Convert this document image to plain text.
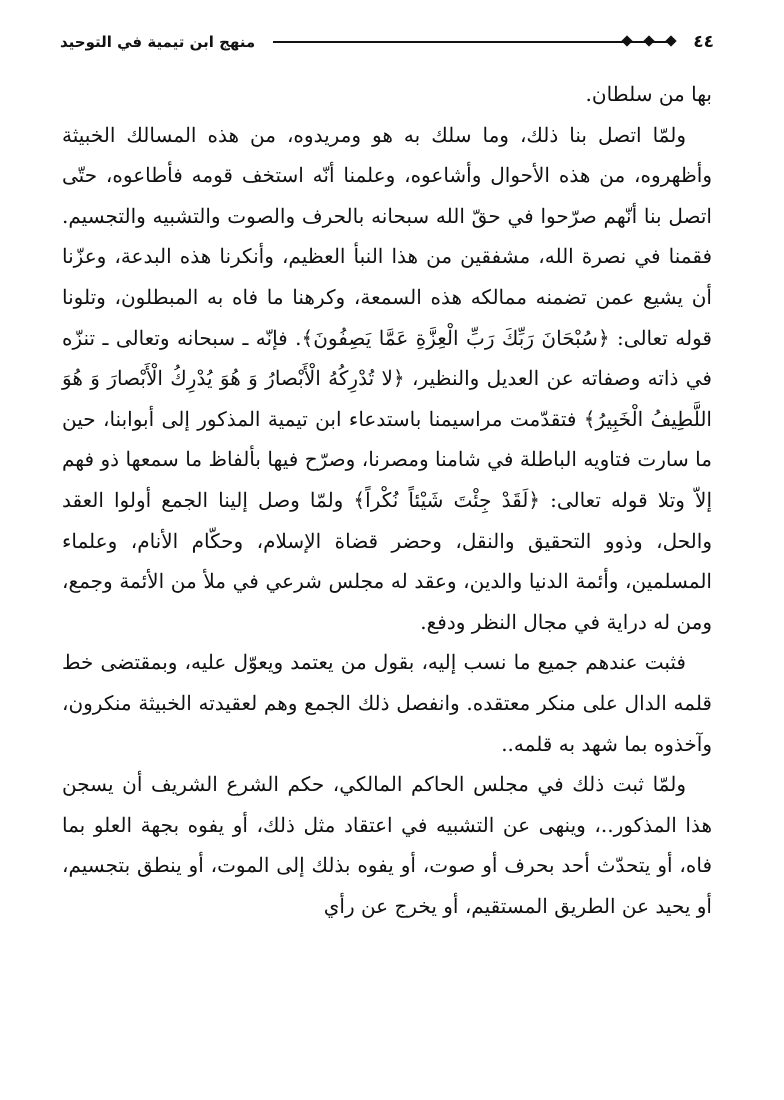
٤٤
منهج ابن تيمية في التوحيد

بها من سلطان.

ولمّا اتصل بنا ذلك، وما سلك به هو ومريدوه، من هذه المسالك الخبيثة وأظهروه، من هذه الأحوال وأشاعوه، وعلمنا أنّه استخف قومه فأطاعوه، حتّى اتصل بنا أنّهم صرّحوا في حقّ الله سبحانه بالحرف والصوت والتشبيه والتجسيم. فقمنا في نصرة الله، مشفقين من هذا النبأ العظيم، وأنكرنا هذه البدعة، وعزّنا أن يشيع عمن تضمنه ممالكه هذه السمعة، وكرهنا ما فاه به المبطلون، وتلونا قوله تعالى: ﴿سُبْحَانَ رَبِّكَ رَبِّ الْعِزَّةِ عَمَّا يَصِفُونَ﴾. فإنّه ـ سبحانه وتعالى ـ تنزّه في ذاته وصفاته عن العديل والنظير، ﴿لا تُدْرِكُهُ الْأَبْصارُ وَ هُوَ يُدْرِكُ الْأَبْصارَ وَ هُوَ اللَّطِيفُ الْخَبِيرُ﴾ فتقدّمت مراسيمنا باستدعاء ابن تيمية المذكور إلى أبوابنا، حين ما سارت فتاويه الباطلة في شامنا ومصرنا، وصرّح فيها بألفاظ ما سمعها ذو فهم إلاّ وتلا قوله تعالى: ﴿لَقَدْ جِئْتَ شَيْئاً نُكْراً﴾ ولمّا وصل إلينا الجمع أولوا العقد والحل، وذوو التحقيق والنقل، وحضر قضاة الإسلام، وحكّام الأنام، وعلماء المسلمين، وأئمة الدنيا والدين، وعقد له مجلس شرعي في ملأ من الأئمة وجمع، ومن له دراية في مجال النظر ودفع.

فثبت عندهم جميع ما نسب إليه، بقول من يعتمد ويعوّل عليه، وبمقتضى خط قلمه الدال على منكر معتقده. وانفصل ذلك الجمع وهم لعقيدته الخبيثة منكرون، وآخذوه بما شهد به قلمه..

ولمّا ثبت ذلك في مجلس الحاكم المالكي، حكم الشرع الشريف أن يسجن هذا المذكور..، وينهى عن التشبيه في اعتقاد مثل ذلك، أو يفوه بجهة العلو بما فاه، أو يتحدّث أحد بحرف أو صوت، أو يفوه بذلك إلى الموت، أو ينطق بتجسيم، أو يحيد عن الطريق المستقيم، أو يخرج عن رأي
